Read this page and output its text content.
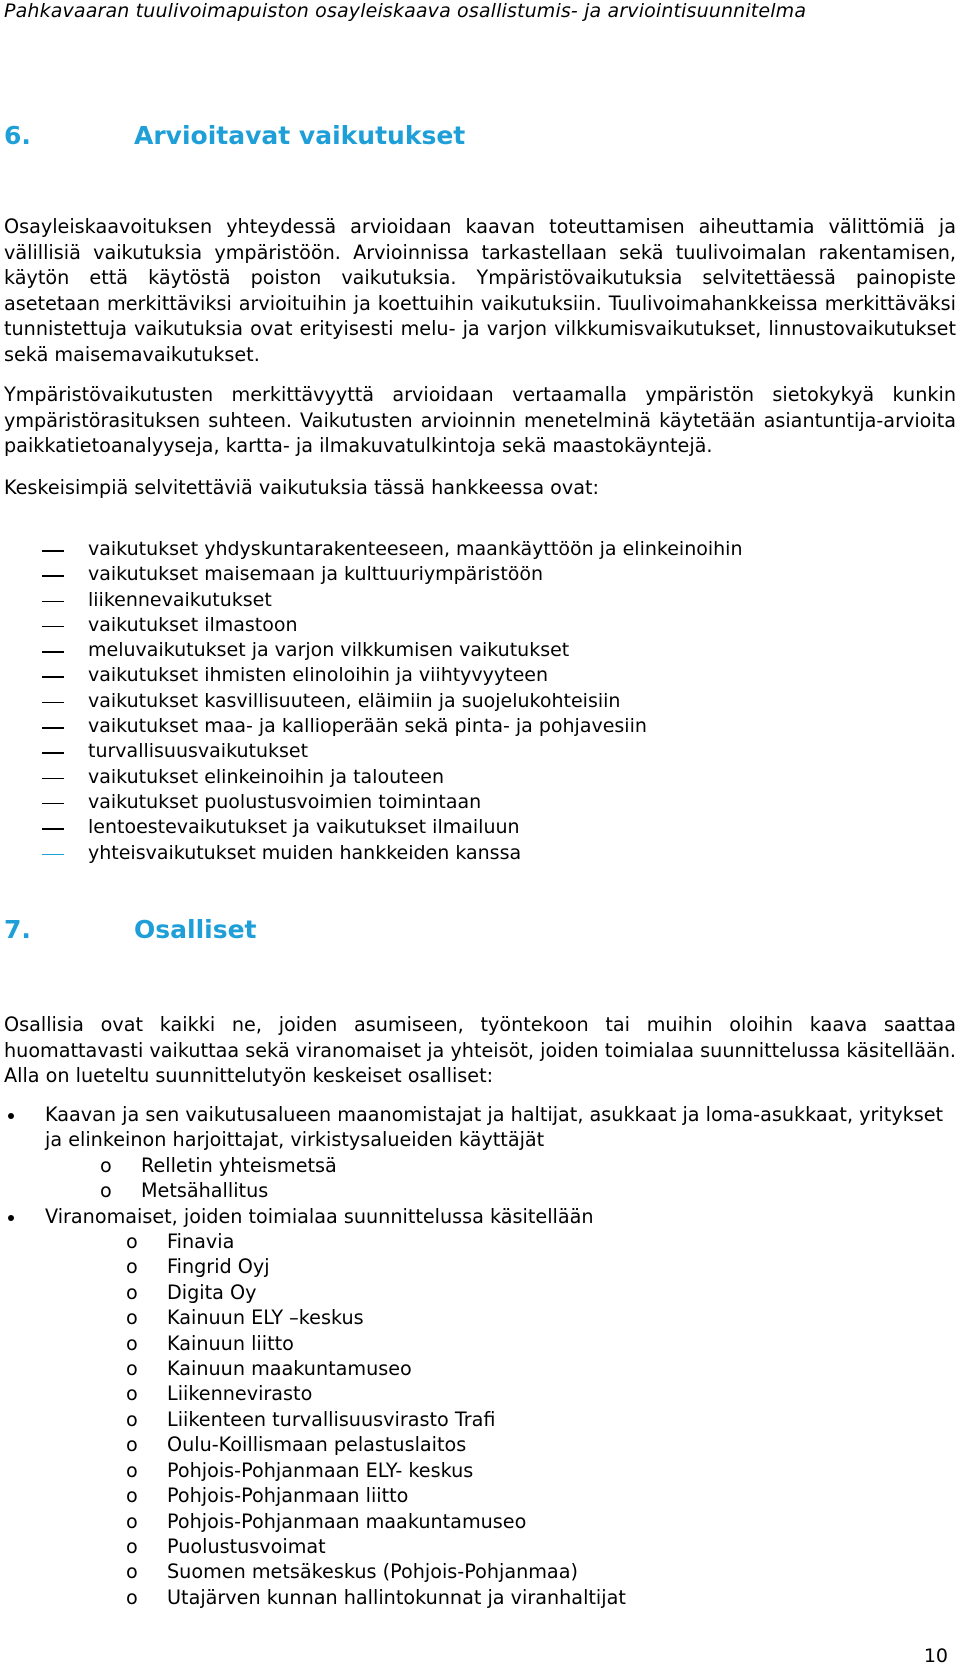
Pahkavaaran tuulivoimapuiston osayleiskaava osallistumis- ja arviointisuunnitelma
6.	Arvioitavat vaikutukset

Osayleiskaavoituksen yhteydessä arvioidaan kaavan toteuttamisen aiheuttamia välittömiä ja välillisiä vaikutuksia ympäristöön. Arvioinnissa tarkastellaan sekä tuulivoimalan rakentamisen, käytön että käytöstä poiston vaikutuksia. Ympäristövaikutuksia selvitettäessä painopiste asetetaan merkittäviksi arvioituihin ja koettuihin vaikutuksiin. Tuulivoimahankkeissa merkittäväksi tunnistettuja vaikutuksia ovat erityisesti melu- ja varjon vilkkumisvaikutukset, linnustovaikutukset sekä maisemavaikutukset.

Ympäristövaikutusten merkittävyyttä arvioidaan vertaamalla ympäristön sietokykyä kunkin ympäristörasituksen suhteen. Vaikutusten arvioinnin menetelminä käytetään asiantuntija-arvioita paikkatietoanalyyseja, kartta- ja ilmakuvatulkintoja sekä maastokäyntejä.

Keskeisimpiä selvitettäviä vaikutuksia tässä hankkeessa ovat:

vaikutukset yhdyskuntarakenteeseen, maankäyttöön ja elinkeinoihin
vaikutukset maisemaan ja kulttuuriympäristöön
liikennevaikutukset
vaikutukset ilmastoon
meluvaikutukset ja varjon vilkkumisen vaikutukset
vaikutukset ihmisten elinoloihin ja viihtyvyyteen
vaikutukset kasvillisuuteen, eläimiin ja suojelukohteisiin
vaikutukset maa- ja kallioperään sekä pinta- ja pohjavesiin
turvallisuusvaikutukset
vaikutukset elinkeinoihin ja talouteen
vaikutukset puolustusvoimien toimintaan
lentoestevaikutukset ja vaikutukset ilmailuun
yhteisvaikutukset muiden hankkeiden kanssa
7.	Osalliset

Osallisia ovat kaikki ne, joiden asumiseen, työntekoon tai muihin oloihin kaava saattaa huomattavasti vaikuttaa sekä viranomaiset ja yhteisöt, joiden toimialaa suunnittelussa käsitellään. Alla on lueteltu suunnittelutyön keskeiset osalliset:

Kaavan ja sen vaikutusalueen maanomistajat ja haltijat, asukkaat ja loma-asukkaat, yritykset ja elinkeinon harjoittajat, virkistysalueiden käyttäjät
o Relletin yhteismetsä
o Metsähallitus
Viranomaiset, joiden toimialaa suunnittelussa käsitellään
o Finavia
o Fingrid Oyj
o Digita Oy
o Kainuun ELY –keskus
o Kainuun liitto
o Kainuun maakuntamuseo
o Liikennevirasto
o Liikenteen turvallisuusvirasto Trafi
o Oulu-Koillismaan pelastuslaitos
o Pohjois-Pohjanmaan ELY- keskus
o Pohjois-Pohjanmaan liitto
o Pohjois-Pohjanmaan maakuntamuseo
o Puolustusvoimat
o Suomen metsäkeskus (Pohjois-Pohjanmaa)
o Utajärven kunnan hallintokunnat ja viranhaltijat
10
